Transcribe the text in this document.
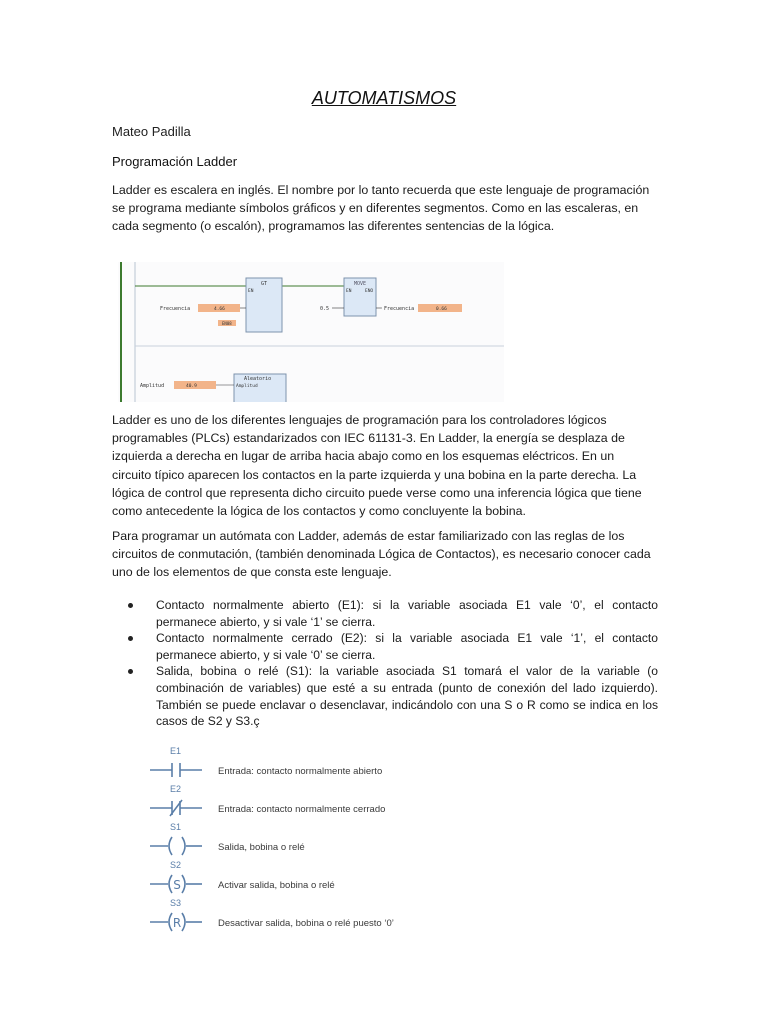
AUTOMATISMOS
Mateo Padilla
Programación Ladder

Ladder es escalera en inglés. El nombre por lo tanto recuerda que este lenguaje de programación se programa mediante símbolos gráficos y en diferentes segmentos. Como en las escaleras, en cada segmento (o escalón), programamos las diferentes sentencias de la lógica.

GT
EN
MOVE
EN	ENO
Frecuencia	4.66
EN08
0.5	Frecuencia	0.66
Aleatorio
Amplitud
Amplitud	40.9

Ladder es uno de los diferentes lenguajes de programación para los controladores lógicos programables (PLCs) estandarizados con IEC 61131-3. En Ladder, la energía se desplaza de izquierda a derecha en lugar de arriba hacia abajo como en los esquemas eléctricos. En un circuito típico aparecen los contactos en la parte izquierda y una bobina en la parte derecha. La lógica de control que representa dicho circuito puede verse como una inferencia lógica que tiene como antecedente la lógica de los contactos y como concluyente la bobina.

Para programar un autómata con Ladder, además de estar familiarizado con las reglas de los circuitos de conmutación, (también denominada Lógica de Contactos), es necesario conocer cada uno de los elementos de que consta este lenguaje.

Contacto normalmente abierto (E1): si la variable asociada E1 vale ‘0’, el contacto permanece abierto, y si vale ‘1’ se cierra.
Contacto normalmente cerrado (E2): si la variable asociada E1 vale ‘1’, el contacto permanece abierto, y si vale ‘0’ se cierra.
Salida, bobina o relé (S1): la variable asociada S1 tomará el valor de la variable (o combinación de variables) que esté a su entrada (punto de conexión del lado izquierdo). También se puede enclavar o desenclavar, indicándolo con una S o R como se indica en los casos de S2 y S3.ç
E1
Entrada: contacto normalmente abierto
E2
Entrada: contacto normalmente cerrado
S1
Salida, bobina o relé
S2
S	Activar salida, bobina o relé
S3
R	Desactivar salida, bobina o relé puesto ‘0’
